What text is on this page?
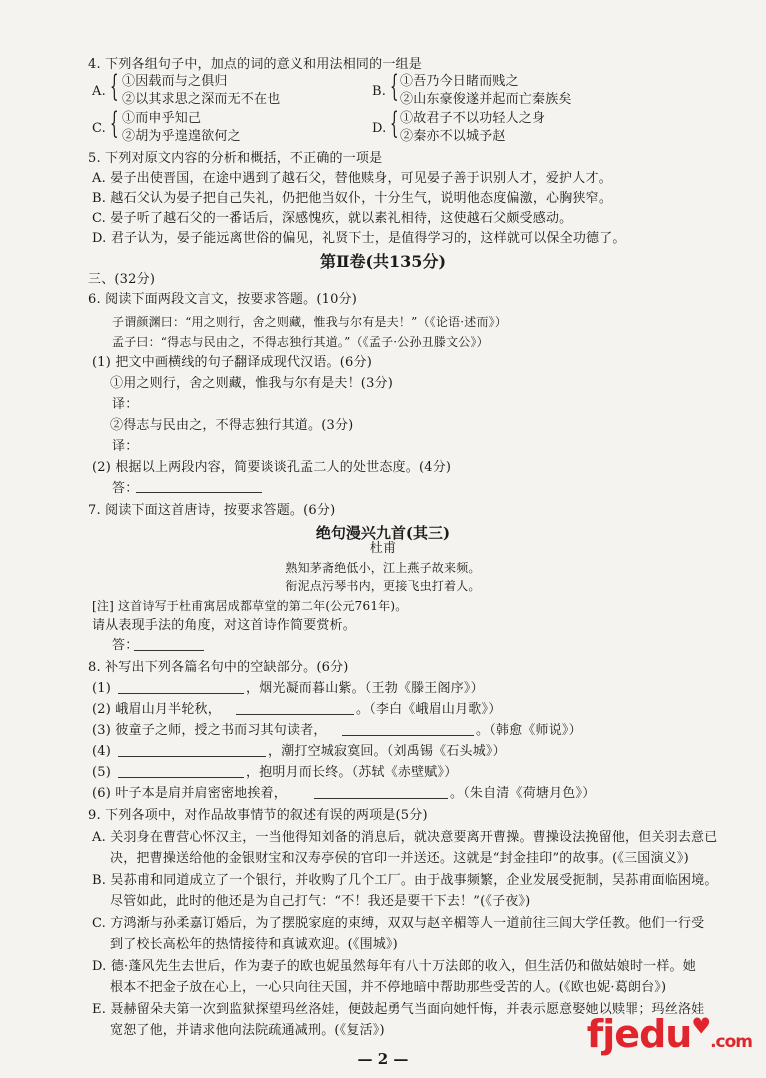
4. 下列各组句子中，加点的词的意义和用法相同的一组是
A. { ①因载而与之俱归
②以其求思之深而无不在也
B. { ①吾乃今日睹而贱之
②山东豪俊遂并起而亡秦族矣
C. { ①而申乎知己
②胡为乎遑遑欲何之
D. { ①故君子不以功轻人之身
②秦亦不以城予赵
5. 下列对原文内容的分析和概括，不正确的一项是
A. 晏子出使晋国，在途中遇到了越石父，替他赎身，可见晏子善于识别人才，爱护人才。
B. 越石父认为晏子把自己失礼，仍把他当奴仆，十分生气，说明他态度偏激，心胸狭窄。
C. 晏子听了越石父的一番话后，深感愧疚，就以素礼相待，这使越石父颇受感动。
D. 君子认为，晏子能远离世俗的偏见，礼贤下士，是值得学习的，这样就可以保全功德了。
第Ⅱ卷(共135分)
三、(32分)
6. 阅读下面两段文言文，按要求答题。(10分)
子谓颜渊曰：“用之则行，舍之则藏，惟我与尔有是夫！”（《论语·述而》）
孟子曰：“得志与民由之，不得志独行其道。”（《孟子·公孙丑滕文公》）
(1) 把文中画横线的句子翻译成现代汉语。(6分)
①用之则行，舍之则藏，惟我与尔有是夫！(3分)
译：
②得志与民由之，不得志独行其道。(3分)
译：
(2) 根据以上两段内容，简要谈谈孔孟二人的处世态度。(4分)
答：
7. 阅读下面这首唐诗，按要求答题。(6分)
绝句漫兴九首(其三)
杜甫
熟知茅斋绝低小，江上燕子故来频。
衔泥点污琴书内，更接飞虫打着人。
[注] 这首诗写于杜甫寓居成都草堂的第二年(公元761年)。
请从表现手法的角度，对这首诗作简要赏析。
答：
8. 补写出下列各篇名句中的空缺部分。(6分)
(1)	，烟光凝而暮山紫。（王勃《滕王阁序》）
(2) 峨眉山月半轮秋，	。（李白《峨眉山月歌》）
(3) 彼童子之师，授之书而习其句读者，	。（韩愈《师说》）
(4)	，潮打空城寂寞回。（刘禹锡《石头城》）
(5)	，抱明月而长终。（苏轼《赤壁赋》）
(6) 叶子本是肩并肩密密地挨着，	。（朱自清《荷塘月色》）
9. 下列各项中，对作品故事情节的叙述有误的两项是(5分)
A. 关羽身在曹营心怀汉主，一当他得知刘备的消息后，就决意要离开曹操。曹操设法挽留他，但关羽去意已
决，把曹操送给他的金银财宝和汉寿亭侯的官印一并送还。这就是“封金挂印”的故事。(《三国演义》)
B. 吴荪甫和同道成立了一个银行，并收购了几个工厂。由于战事频繁，企业发展受扼制，吴荪甫面临困境。
尽管如此，此时的他还是为自己打气：“不！我还是要干下去！”(《子夜》)
C. 方鸿渐与孙柔嘉订婚后，为了摆脱家庭的束缚，双双与赵辛楣等人一道前往三闾大学任教。他们一行受
到了校长高松年的热情接待和真诚欢迎。(《围城》)
D. 德·蓬风先生去世后，作为妻子的欧也妮虽然每年有八十万法郎的收入，但生活仍和做姑娘时一样。她
根本不把金子放在心上，一心只向往天国，并不停地暗中帮助那些受苦的人。(《欧也妮·葛朗台》)
E. 聂赫留朵夫第一次到监狱探望玛丝洛娃，便鼓起勇气当面向她忏悔，并表示愿意娶她以赎罪；玛丝洛娃
宽恕了他，并请求他向法院疏通减刑。(《复活》)
— 2 —
fjedu♥.com
